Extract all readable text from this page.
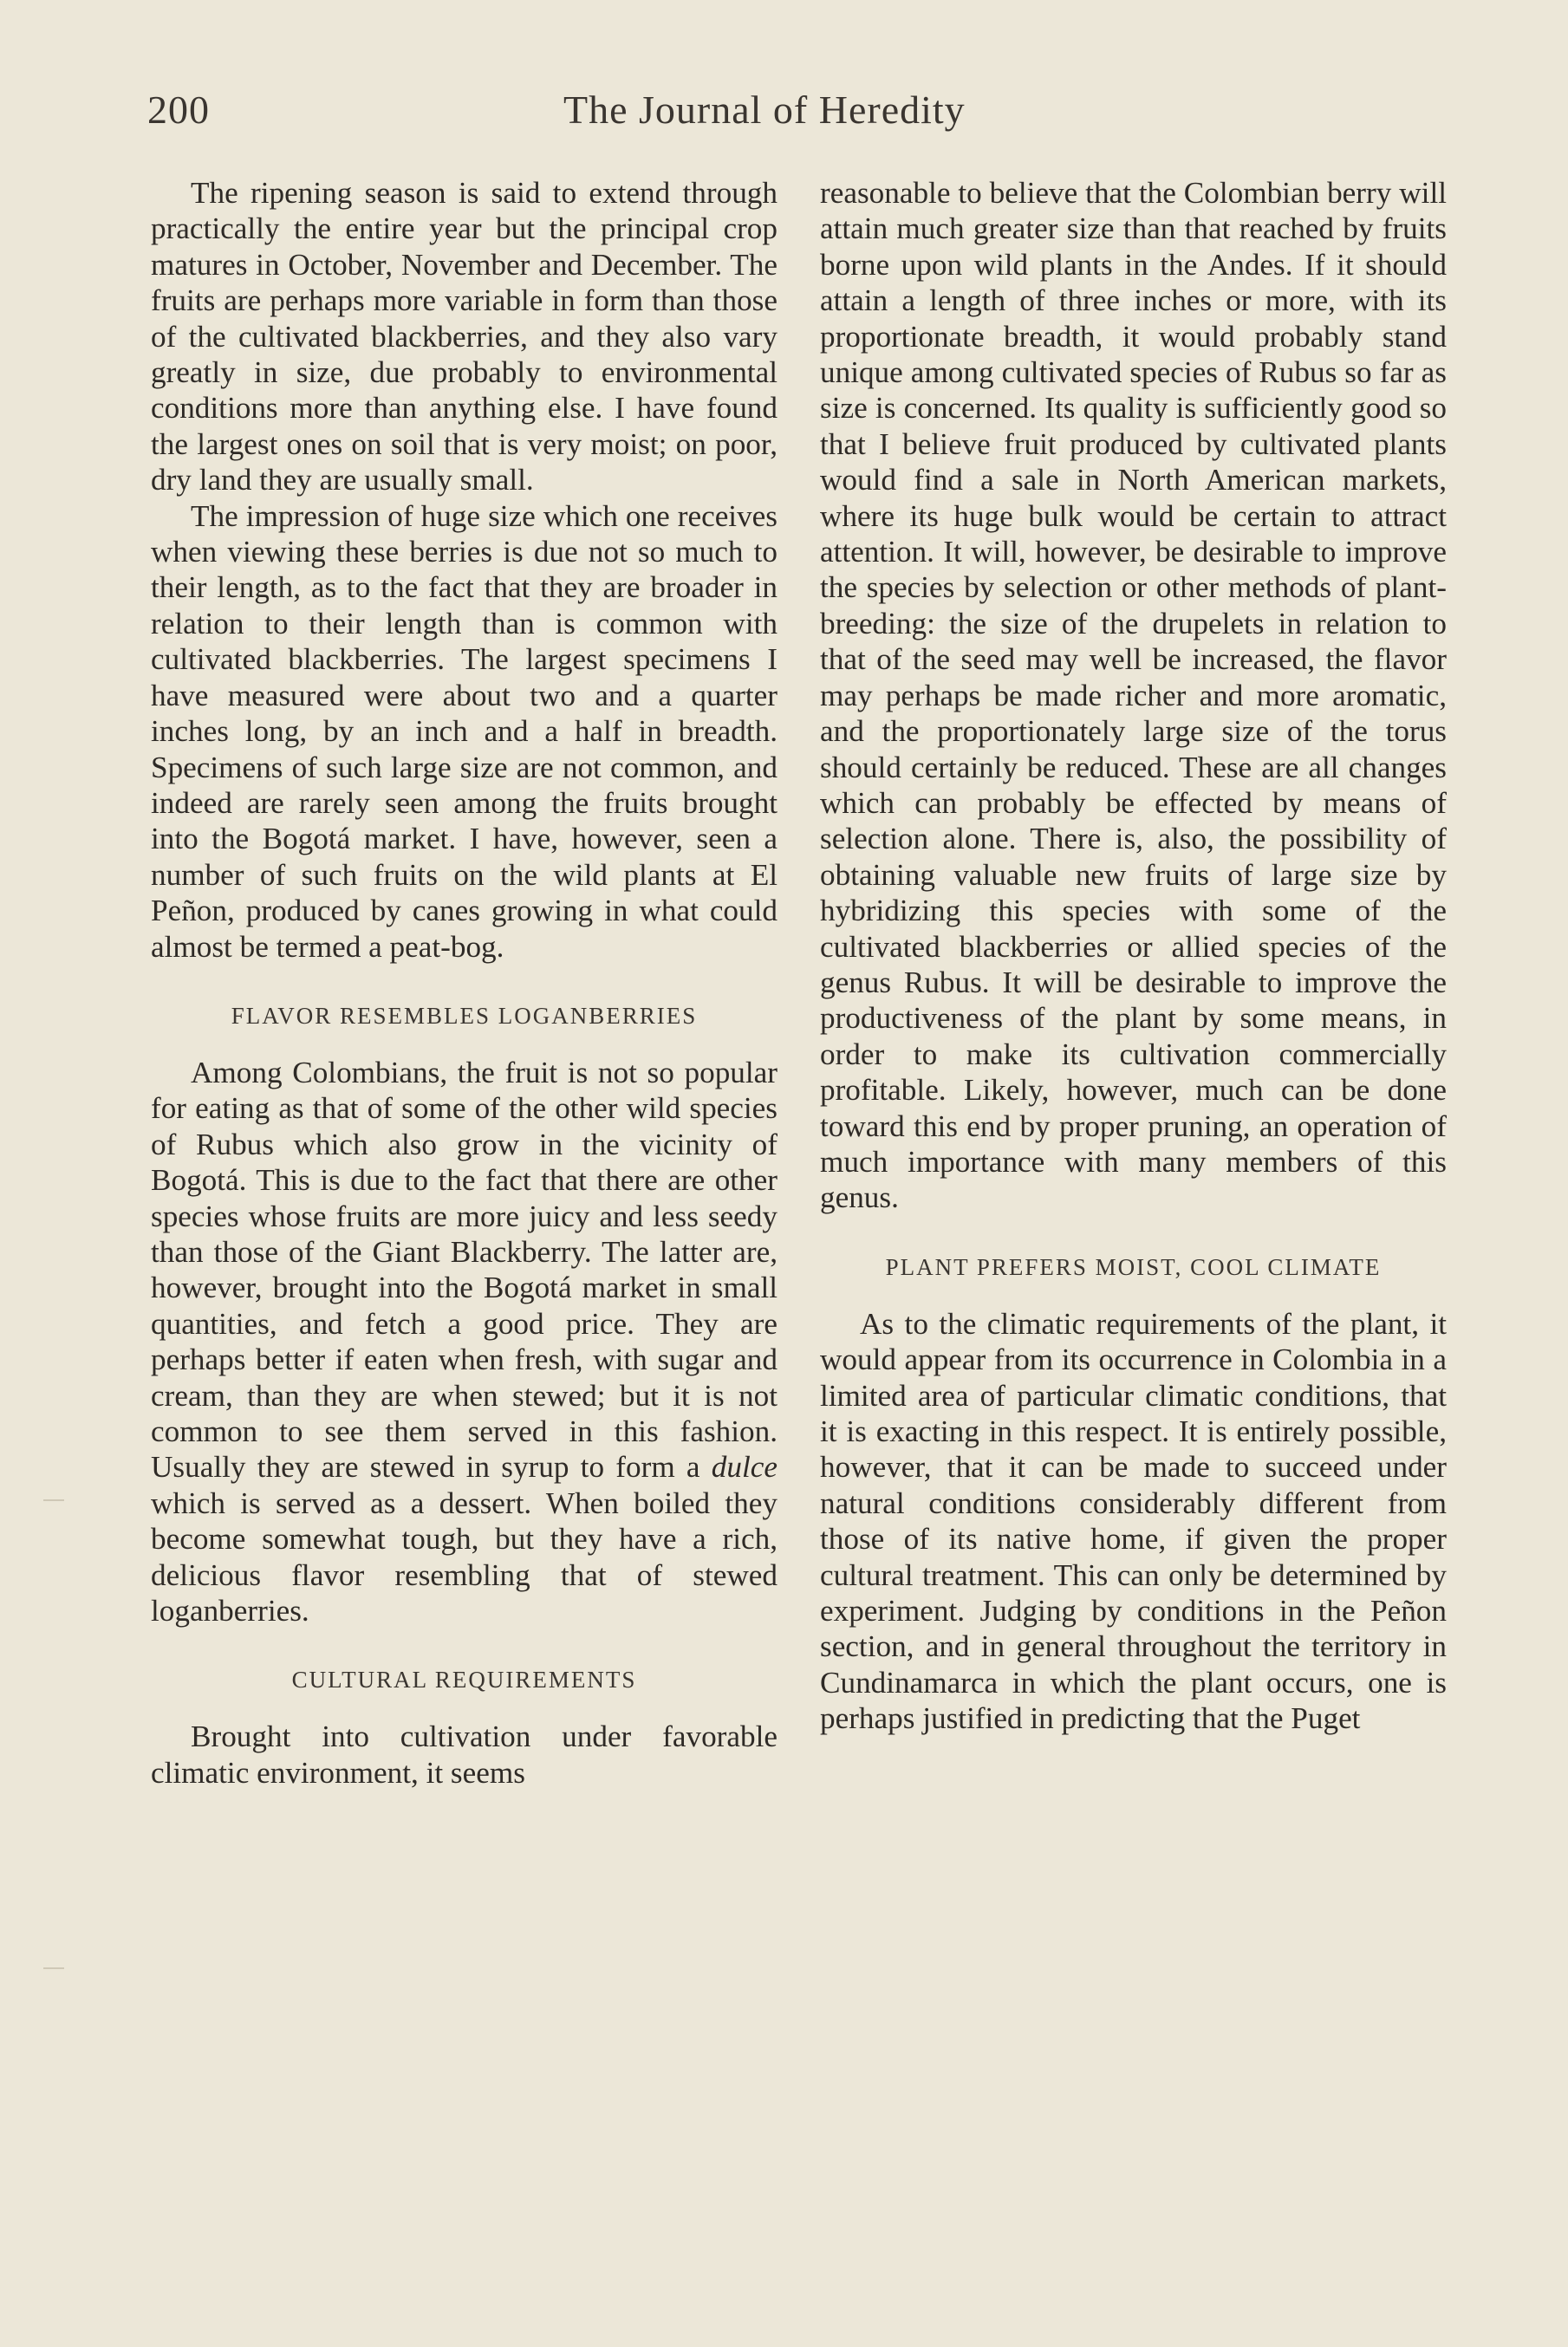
200	The Journal of Heredity

The ripening season is said to extend through practically the entire year but the principal crop matures in October, November and December. The fruits are perhaps more variable in form than those of the cultivated blackberries, and they also vary greatly in size, due probably to environmental conditions more than anything else. I have found the largest ones on soil that is very moist; on poor, dry land they are usually small.

The impression of huge size which one receives when viewing these berries is due not so much to their length, as to the fact that they are broader in relation to their length than is common with cultivated blackberries. The largest specimens I have measured were about two and a quarter inches long, by an inch and a half in breadth. Specimens of such large size are not common, and indeed are rarely seen among the fruits brought into the Bogotá market. I have, however, seen a number of such fruits on the wild plants at El Peñon, produced by canes growing in what could almost be termed a peat-bog.

FLAVOR RESEMBLES LOGANBERRIES

Among Colombians, the fruit is not so popular for eating as that of some of the other wild species of Rubus which also grow in the vicinity of Bogotá. This is due to the fact that there are other species whose fruits are more juicy and less seedy than those of the Giant Blackberry. The latter are, however, brought into the Bogotá market in small quantities, and fetch a good price. They are perhaps better if eaten when fresh, with sugar and cream, than they are when stewed; but it is not common to see them served in this fashion. Usually they are stewed in syrup to form a dulce which is served as a dessert. When boiled they become somewhat tough, but they have a rich, delicious flavor resembling that of stewed loganberries.

CULTURAL REQUIREMENTS

Brought into cultivation under favorable climatic environment, it seems

reasonable to believe that the Colombian berry will attain much greater size than that reached by fruits borne upon wild plants in the Andes. If it should attain a length of three inches or more, with its proportionate breadth, it would probably stand unique among cultivated species of Rubus so far as size is concerned. Its quality is sufficiently good so that I believe fruit produced by cultivated plants would find a sale in North American markets, where its huge bulk would be certain to attract attention. It will, however, be desirable to improve the species by selection or other methods of plant-breeding: the size of the drupelets in relation to that of the seed may well be increased, the flavor may perhaps be made richer and more aromatic, and the proportionately large size of the torus should certainly be reduced. These are all changes which can probably be effected by means of selection alone. There is, also, the possibility of obtaining valuable new fruits of large size by hybridizing this species with some of the cultivated blackberries or allied species of the genus Rubus. It will be desirable to improve the productiveness of the plant by some means, in order to make its cultivation commercially profitable. Likely, however, much can be done toward this end by proper pruning, an operation of much importance with many members of this genus.

PLANT PREFERS MOIST, COOL CLIMATE

As to the climatic requirements of the plant, it would appear from its occurrence in Colombia in a limited area of particular climatic conditions, that it is exacting in this respect. It is entirely possible, however, that it can be made to succeed under natural conditions considerably different from those of its native home, if given the proper cultural treatment. This can only be determined by experiment. Judging by conditions in the Peñon section, and in general throughout the territory in Cundinamarca in which the plant occurs, one is perhaps justified in predicting that the Puget
